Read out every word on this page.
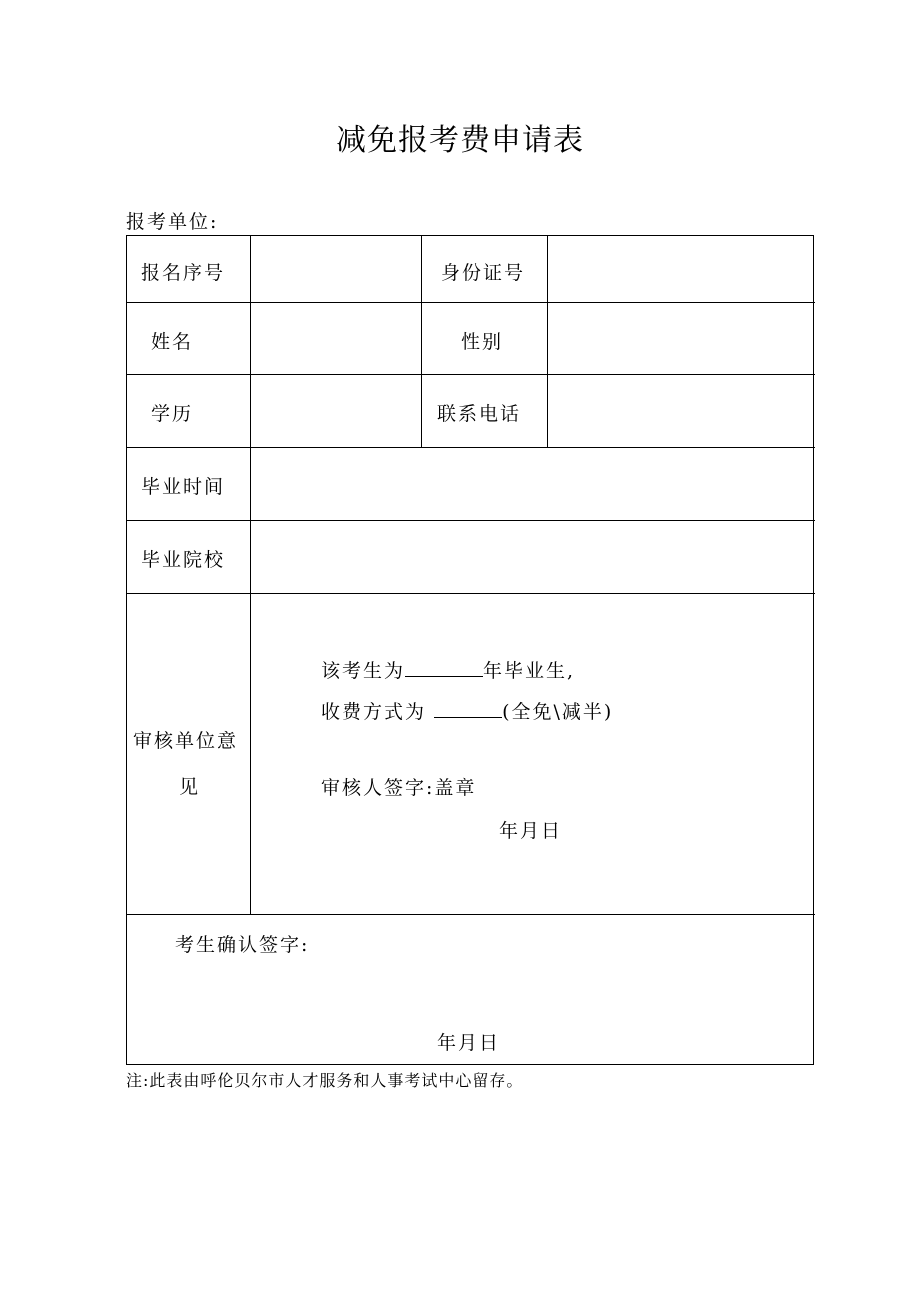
减免报考费申请表
报考单位:
报名序号	身份证号
姓名	性别
学历	联系电话
毕业时间
毕业院校
审核单位意
见
该考生为	年毕业生,
收费方式为	(全免\减半)
审核人签字:盖章
年月日
考生确认签字:
年月日
注:此表由呼伦贝尔市人才服务和人事考试中心留存。
